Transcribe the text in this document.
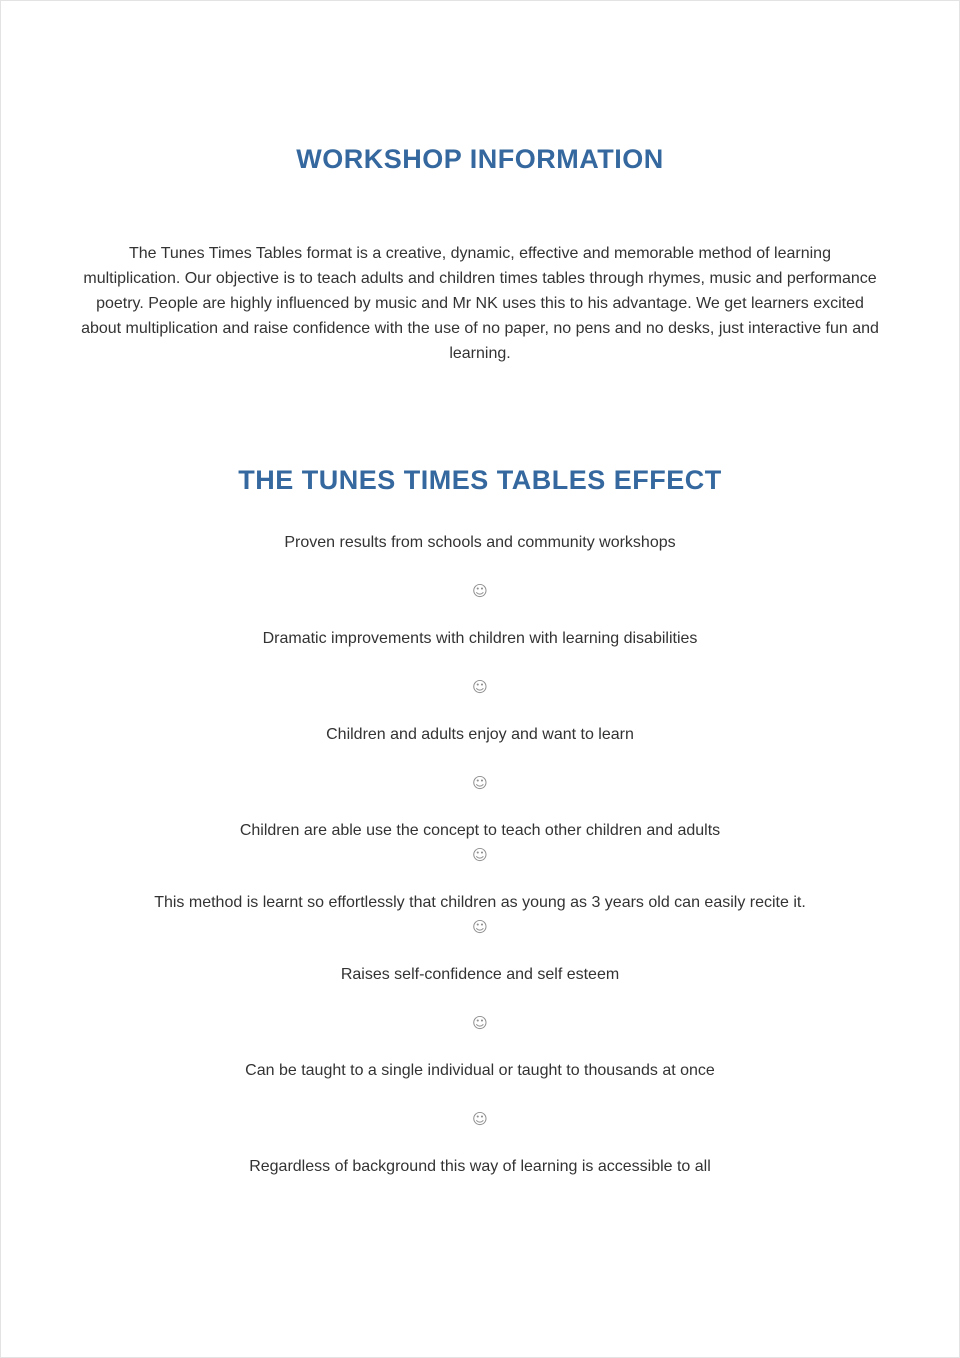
WORKSHOP INFORMATION

The Tunes Times Tables format is a creative, dynamic, effective and memorable method of learning multiplication. Our objective is to teach adults and children times tables through rhymes, music and performance poetry. People are highly influenced by music and Mr NK uses this to his advantage. We get learners excited about multiplication and raise confidence with the use of no paper, no pens and no desks, just interactive fun and learning.

THE TUNES TIMES TABLES EFFECT
Proven results from schools and community workshops
☺
Dramatic improvements with children with learning disabilities
☺
Children and adults enjoy and want to learn
☺
Children are able use the concept to teach other children and adults
☺
This method is learnt so effortlessly that children as young as 3 years old can easily recite it.
☺
Raises self-confidence and self esteem
☺
Can be taught to a single individual or taught to thousands at once
☺
Regardless of background this way of learning is accessible to all
